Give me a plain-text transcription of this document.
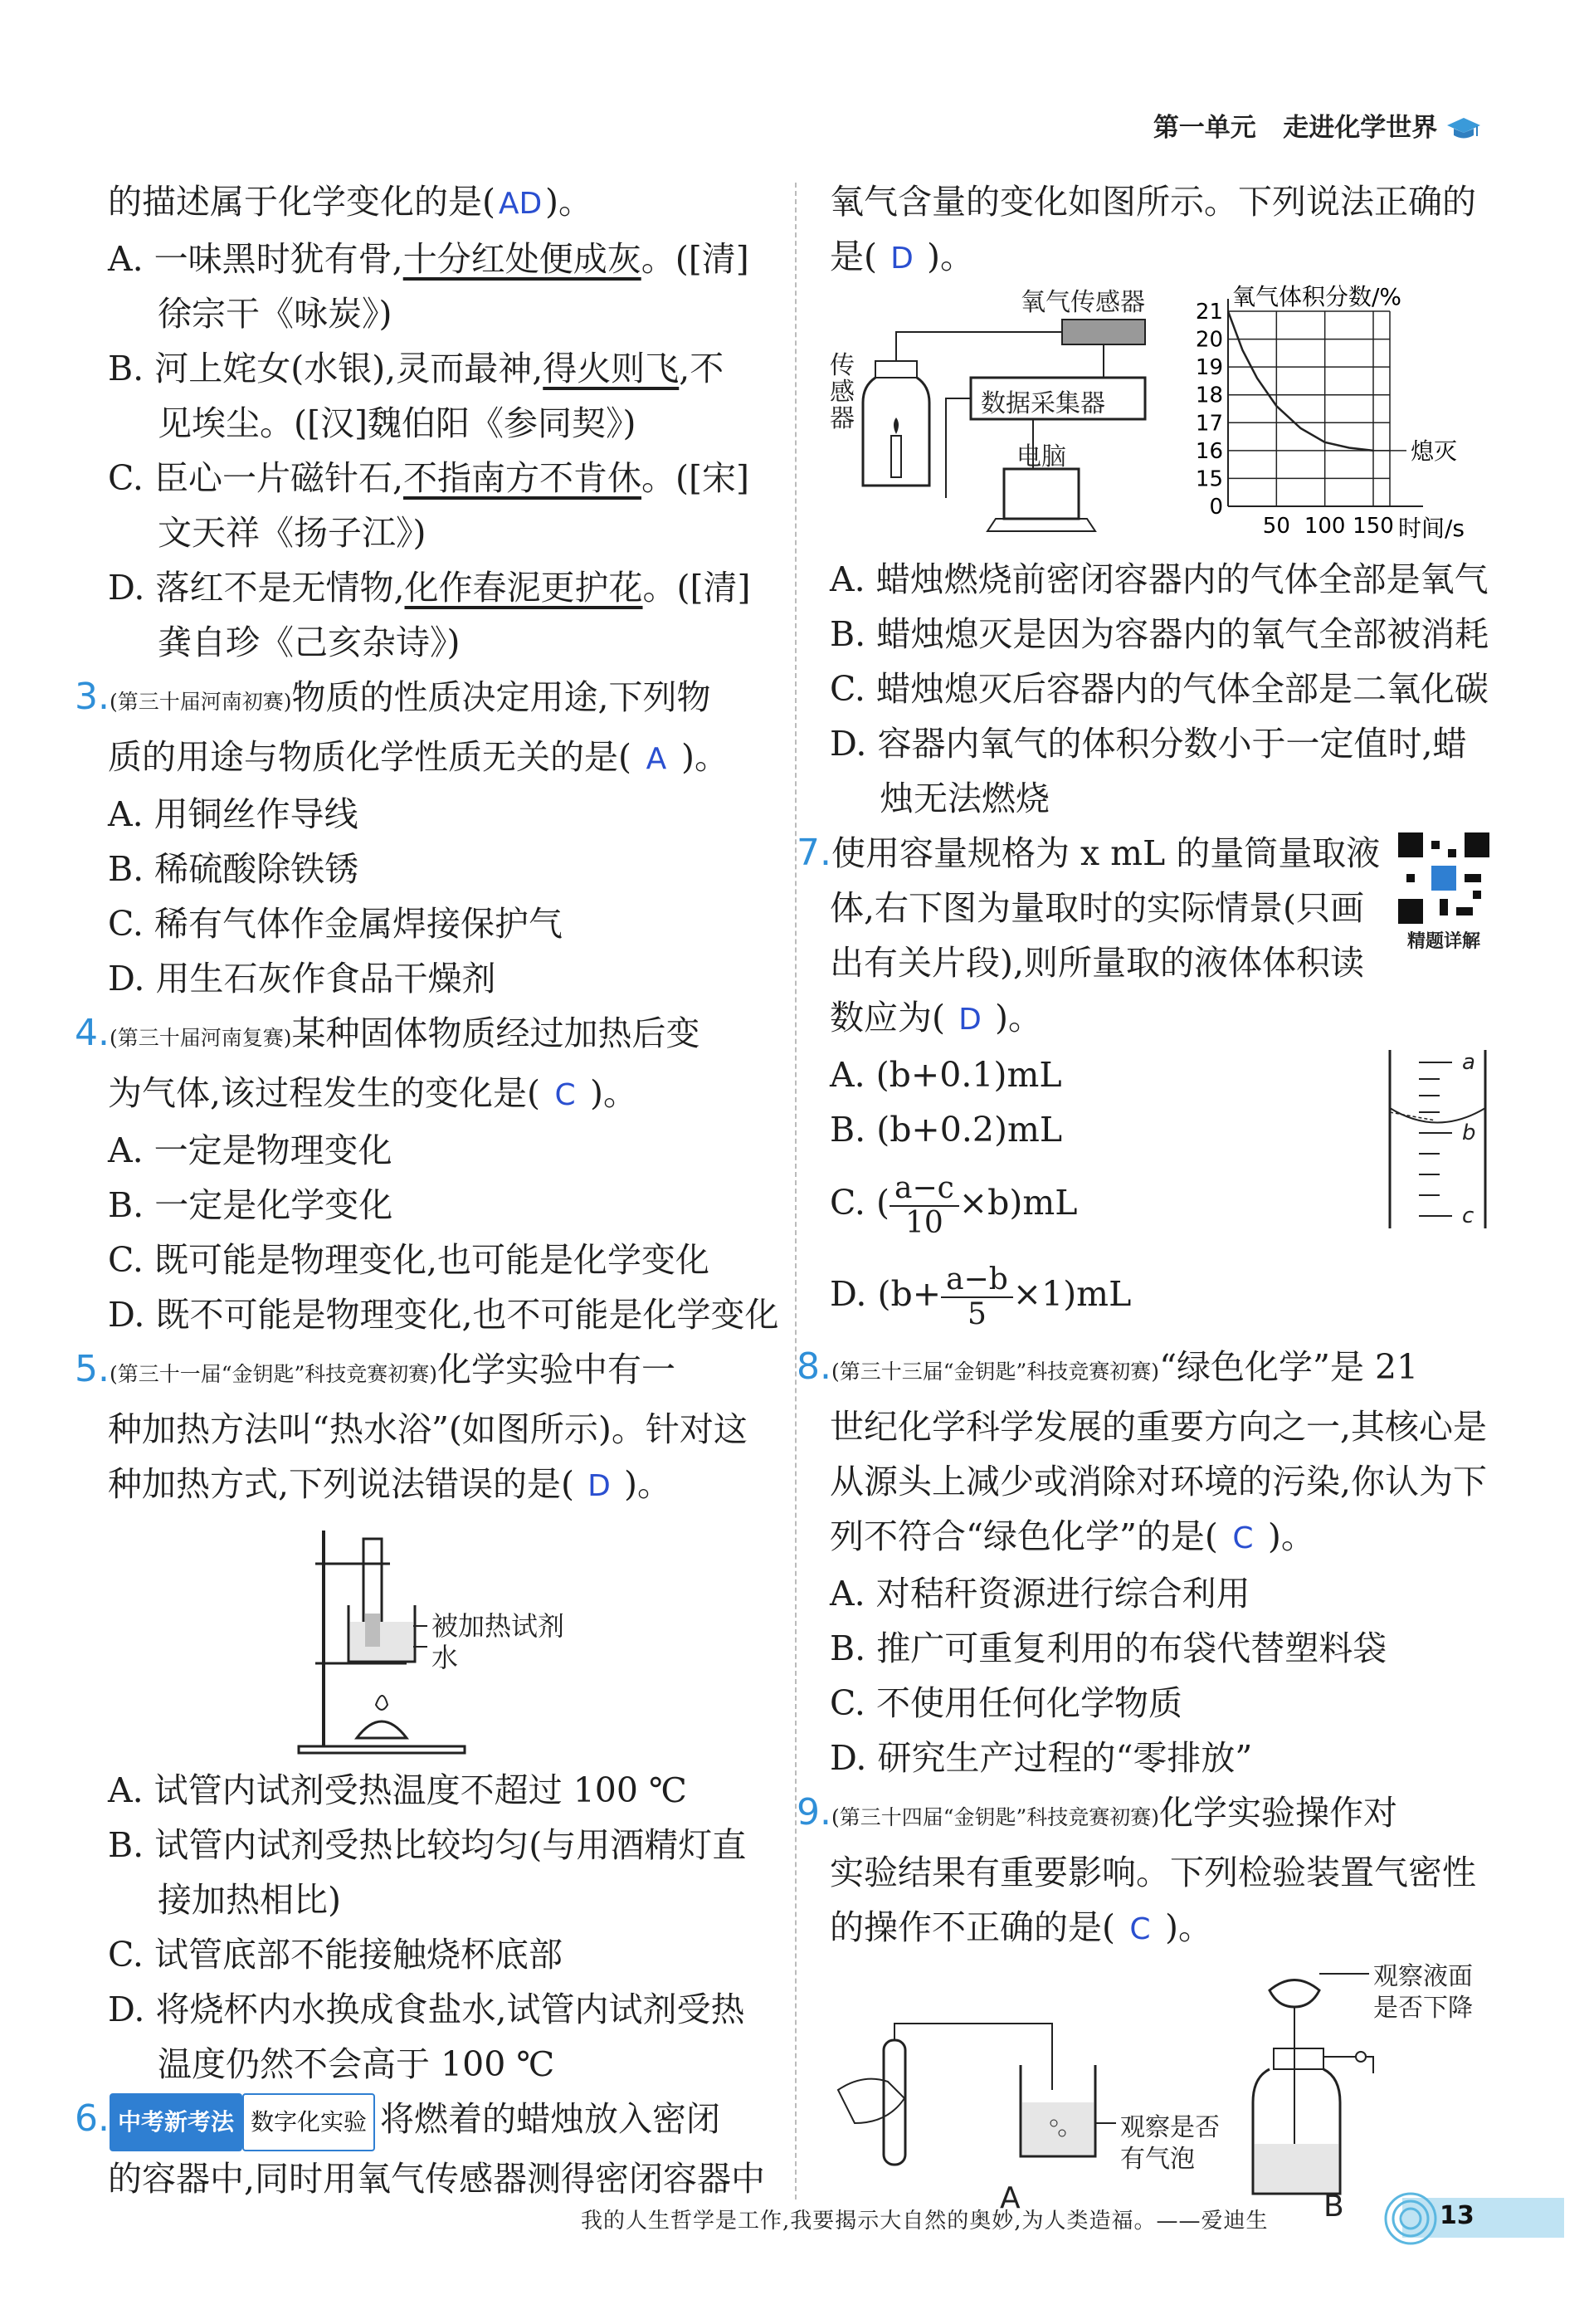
第一单元 走进化学世界
的描述属于化学变化的是( AD)。
A. 一味黑时犹有骨,十分红处便成灰。([清]
徐宗干《咏炭》)
B. 河上姹女(水银),灵而最神,得火则飞,不
见埃尘。([汉]魏伯阳《参同契》)
C. 臣心一片磁针石,不指南方不肯休。([宋]
文天祥《扬子江》)
D. 落红不是无情物,化作春泥更护花。([清]
龚自珍《己亥杂诗》)
3.(第三十届河南初赛)物质的性质决定用途,下列物
质的用途与物质化学性质无关的是( A )。
A. 用铜丝作导线
B. 稀硫酸除铁锈
C. 稀有气体作金属焊接保护气
D. 用生石灰作食品干燥剂
4.(第三十届河南复赛)某种固体物质经过加热后变
为气体,该过程发生的变化是( C )。
A. 一定是物理变化
B. 一定是化学变化
C. 既可能是物理变化,也可能是化学变化
D. 既不可能是物理变化,也不可能是化学变化
5.(第三十一届“金钥匙”科技竞赛初赛)化学实验中有一
种加热方法叫“热水浴”(如图所示)。针对这
种加热方式,下列说法错误的是( D )。
被加热试剂
水
A. 试管内试剂受热温度不超过 100 ℃
B. 试管内试剂受热比较均匀(与用酒精灯直
接加热相比)
C. 试管底部不能接触烧杯底部
D. 将烧杯内水换成食盐水,试管内试剂受热
温度仍然不会高于 100 ℃
6. 中考新考法 数字化实验 将燃着的蜡烛放入密闭
的容器中,同时用氧气传感器测得密闭容器中
氧气含量的变化如图所示。下列说法正确的
是( D )。
氧气传感器
数据采集器
电脑
传
感
器
0
15
16
17
18
19
20
21
50 100 150
氧气体积分数/%
时间/s
熄灭
A. 蜡烛燃烧前密闭容器内的气体全部是氧气
B. 蜡烛熄灭是因为容器内的氧气全部被消耗
C. 蜡烛熄灭后容器内的气体全部是二氧化碳
D. 容器内氧气的体积分数小于一定值时,蜡
烛无法燃烧
7.使用容量规格为 x mL 的量筒量取液
体,右下图为量取时的实际情景(只画
出有关片段),则所量取的液体体积读
数应为( D )。
精题详解
A. (b+0.1)mL
B. (b+0.2)mL
C. ( $\frac{a-c}{10} \times b)mL$
D. $(b+ \frac{a-b}{5} \times 1)mL$
a
b
c
8.(第三十三届“金钥匙”科技竞赛初赛)“绿色化学”是 21
世纪化学科学发展的重要方向之一,其核心是
从源头上减少或消除对环境的污染,你认为下
列不符合“绿色化学”的是( C )。
A. 对秸秆资源进行综合利用
B. 推广可重复利用的布袋代替塑料袋
C. 不使用任何化学物质
D. 研究生产过程的“零排放”
9.(第三十四届“金钥匙”科技竞赛初赛)化学实验操作对
实验结果有重要影响。下列检验装置气密性
的操作不正确的是( C )。
观察是否
有气泡
A
观察液面
是否下降
B
我的人生哲学是工作,我要揭示大自然的奥妙,为人类造福。——爱迪生	13
